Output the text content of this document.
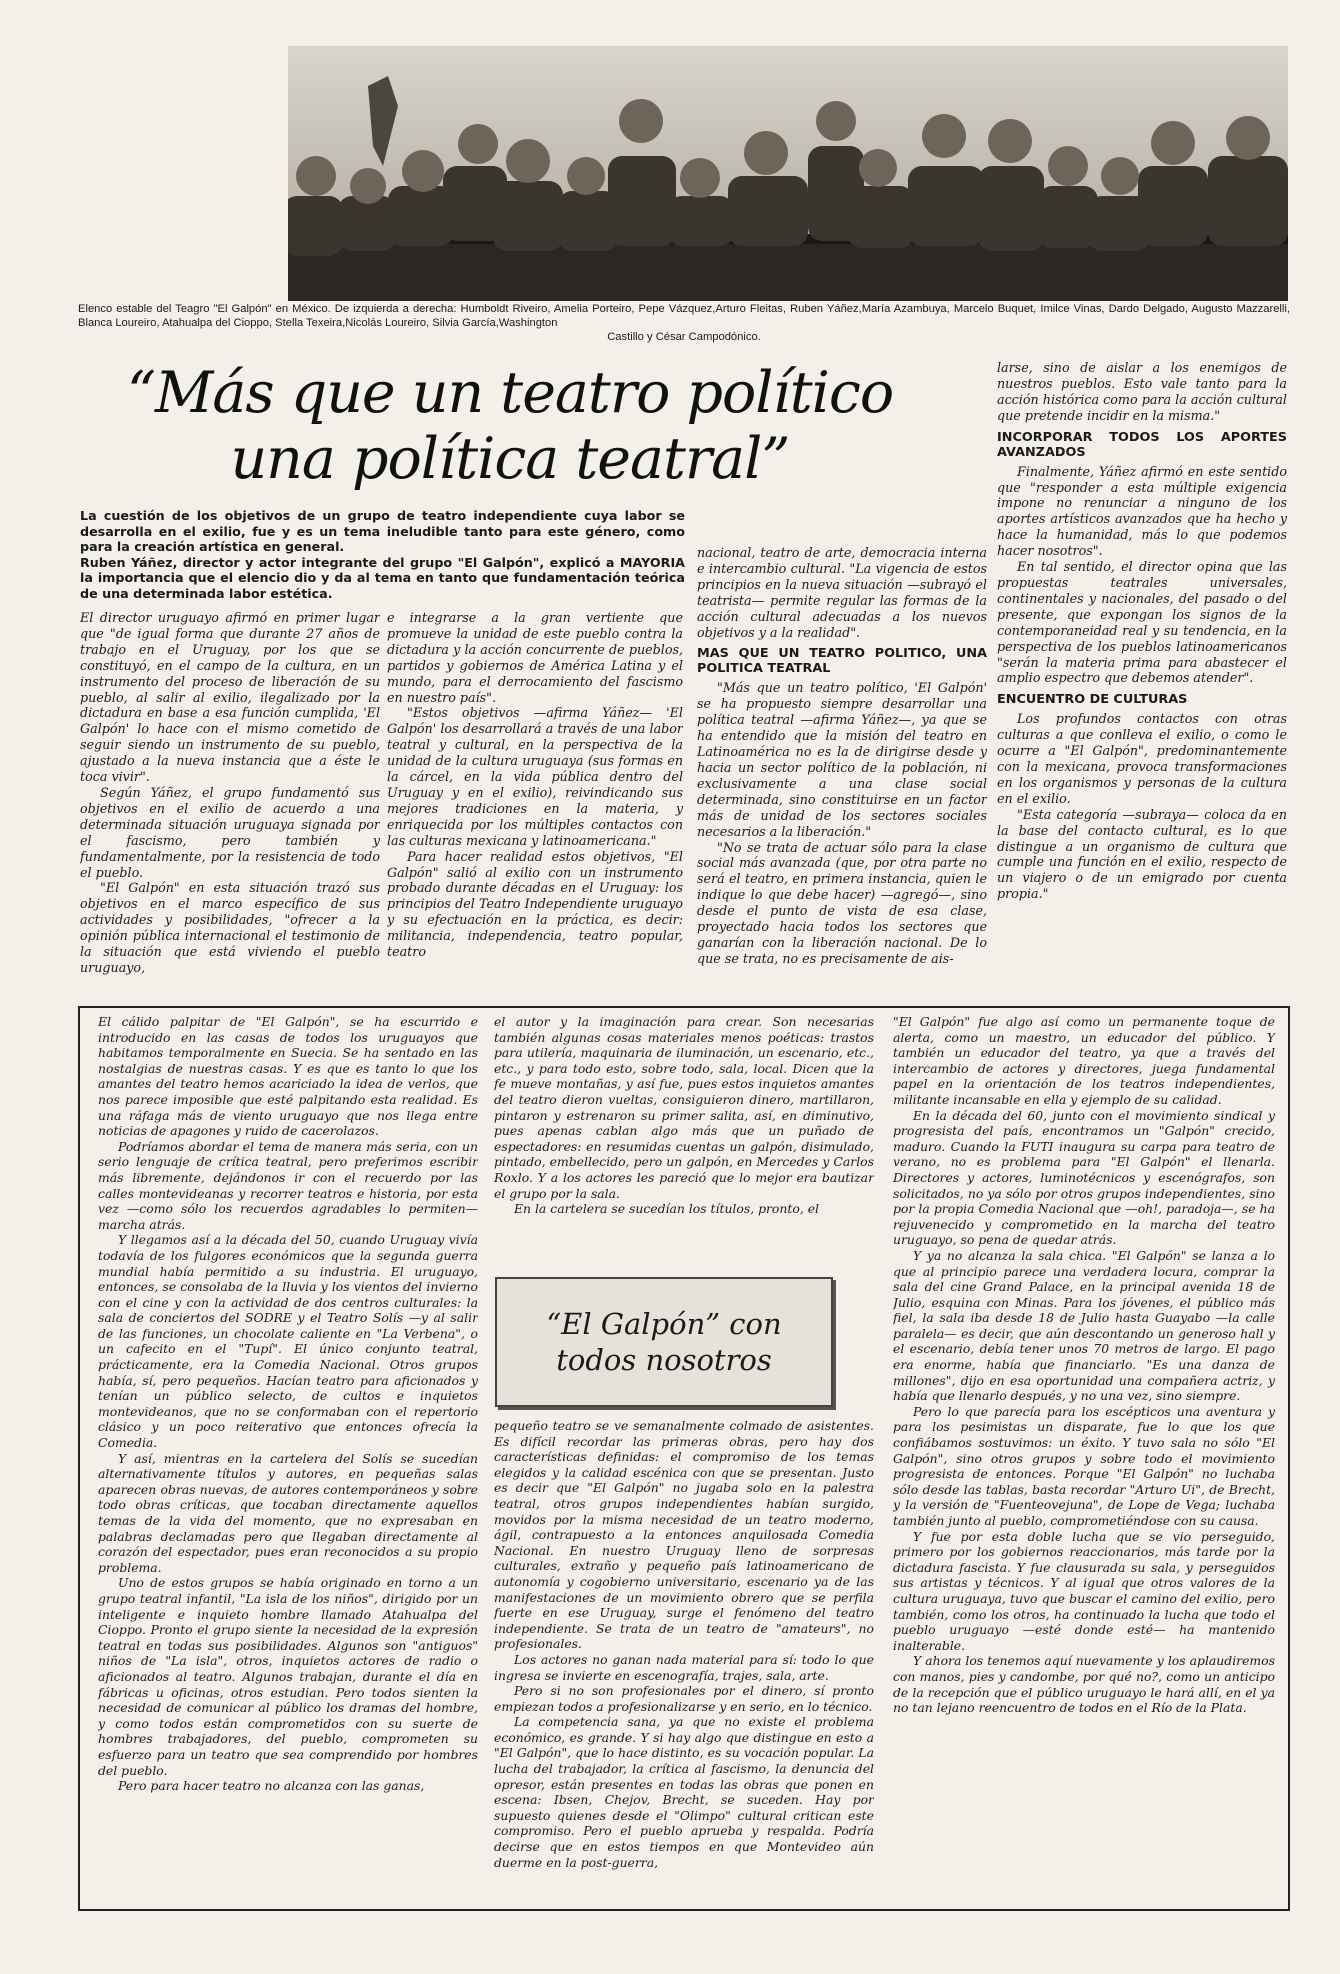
Elenco estable del Teagro "El Galpón" en México. De izquierda a derecha: Humboldt Riveiro, Amelia Porteiro, Pepe Vázquez,Arturo Fleitas, Ruben Yáñez,María Azambuya, Marcelo Buquet, Imilce Vinas, Dardo Delgado, Augusto Mazzarelli, Blanca Loureiro, Atahualpa del Cioppo, Stella Texeira,Nicolás Loureiro, Silvia García,Washington
Castillo y César Campodónico.
“Más que un teatro político
una política teatral”

La cuestión de los objetivos de un grupo de teatro independiente cuya labor se desarrolla en el exilio, fue y es un tema ineludible tanto para este género, como para la creación artística en general.

Ruben Yáñez, director y actor integrante del grupo "El Galpón", explicó a MAYORIA la importancia que el elencio dio y da al tema en tanto que fundamentación teórica de una determinada labor estética.

El director uruguayo afirmó en primer lugar que "de igual forma que durante 27 años de trabajo en el Uruguay, por los que se constituyó, en el campo de la cultura, en un instrumento del proceso de liberación de su pueblo, al salir al exilio, ilegalizado por la dictadura en base a esa función cumplida, 'El Galpón' lo hace con el mismo cometido de seguir siendo un instrumento de su pueblo, ajustado a la nueva instancia que a éste le toca vivir".

Según Yáñez, el grupo fundamentó sus objetivos en el exilio de acuerdo a una determinada situación uruguaya signada por el fascismo, pero también y fundamentalmente, por la resistencia de todo el pueblo.

"El Galpón" en esta situación trazó sus objetivos en el marco específico de sus actividades y posibilidades, "ofrecer a la opinión pública internacional el testimonio de la situación que está viviendo el pueblo uruguayo,

e integrarse a la gran vertiente que promueve la unidad de este pueblo contra la dictadura y la acción concurrente de pueblos, partidos y gobiernos de América Latina y el mundo, para el derrocamiento del fascismo en nuestro país".

"Estos objetivos —afirma Yáñez— 'El Galpón' los desarrollará a través de una labor teatral y cultural, en la perspectiva de la unidad de la cultura uruguaya (sus formas en la cárcel, en la vida pública dentro del Uruguay y en el exilio), reivindicando sus mejores tradiciones en la materia, y enriquecida por los múltiples contactos con las culturas mexicana y latinoamericana."

Para hacer realidad estos objetivos, "El Galpón" salió al exilio con un instrumento probado durante décadas en el Uruguay: los principios del Teatro Independiente uruguayo y su efectuación en la práctica, es decir: militancia, independencia, teatro popular, teatro

nacional, teatro de arte, democracia interna e intercambio cultural. "La vigencia de estos principios en la nueva situación —subrayó el teatrista— permite regular las formas de la acción cultural adecuadas a los nuevos objetivos y a la realidad".

MAS QUE UN TEATRO POLITICO, UNA POLITICA TEATRAL

"Más que un teatro político, 'El Galpón' se ha propuesto siempre desarrollar una política teatral —afirma Yáñez—, ya que se ha entendido que la misión del teatro en Latinoamérica no es la de dirigirse desde y hacia un sector político de la población, ni exclusivamente a una clase social determinada, sino constituirse en un factor más de unidad de los sectores sociales necesarios a la liberación."

"No se trata de actuar sólo para la clase social más avanzada (que, por otra parte no será el teatro, en primera instancia, quien le indique lo que debe hacer) —agregó—, sino desde el punto de vista de esa clase, proyectado hacia todos los sectores que ganarían con la liberación nacional. De lo que se trata, no es precisamente de ais-

larse, sino de aislar a los enemigos de nuestros pueblos. Esto vale tanto para la acción histórica como para la acción cultural que pretende incidir en la misma."

INCORPORAR TODOS LOS APORTES AVANZADOS

Finalmente, Yáñez afirmó en este sentido que "responder a esta múltiple exigencia impone no renunciar a ninguno de los aportes artísticos avanzados que ha hecho y hace la humanidad, más lo que podemos hacer nosotros".

En tal sentido, el director opina que las propuestas teatrales universales, continentales y nacionales, del pasado o del presente, que expongan los signos de la contemporaneidad real y su tendencia, en la perspectiva de los pueblos latinoamericanos "serán la materia prima para abastecer el amplio espectro que debemos atender".

ENCUENTRO DE CULTURAS

Los profundos contactos con otras culturas a que conlleva el exilio, o como le ocurre a "El Galpón", predominantemente con la mexicana, provoca transformaciones en los organismos y personas de la cultura en el exilio.

"Esta categoría —subraya— coloca da en la base del contacto cultural, es lo que distingue a un organismo de cultura que cumple una función en el exilio, respecto de un viajero o de un emigrado por cuenta propia."

El cálido palpitar de "El Galpón", se ha escurrido e introducido en las casas de todos los uruguayos que habitamos temporalmente en Suecia. Se ha sentado en las nostalgias de nuestras casas. Y es que es tanto lo que los amantes del teatro hemos acariciado la idea de verlos, que nos parece imposible que esté palpitando esta realidad. Es una ráfaga más de viento uruguayo que nos llega entre noticias de apagones y ruido de cacerolazos.

Podríamos abordar el tema de manera más seria, con un serio lenguaje de crítica teatral, pero preferimos escribir más libremente, dejándonos ir con el recuerdo por las calles montevideanas y recorrer teatros e historia, por esta vez —como sólo los recuerdos agradables lo permiten— marcha atrás.

Y llegamos así a la década del 50, cuando Uruguay vivía todavía de los fulgores económicos que la segunda guerra mundial había permitido a su industria. El uruguayo, entonces, se consolaba de la lluvia y los vientos del invierno con el cine y con la actividad de dos centros culturales: la sala de conciertos del SODRE y el Teatro Solís —y al salir de las funciones, un chocolate caliente en "La Verbena", o un cafecito en el "Tupí". El único conjunto teatral, prácticamente, era la Comedia Nacional. Otros grupos había, sí, pero pequeños. Hacían teatro para aficionados y tenían un público selecto, de cultos e inquietos montevideanos, que no se conformaban con el repertorio clásico y un poco reiterativo que entonces ofrecía la Comedia.

Y así, mientras en la cartelera del Solís se sucedían alternativamente títulos y autores, en pequeñas salas aparecen obras nuevas, de autores contemporáneos y sobre todo obras críticas, que tocaban directamente aquellos temas de la vida del momento, que no expresaban en palabras declamadas pero que llegaban directamente al corazón del espectador, pues eran reconocidos a su propio problema.

Uno de estos grupos se había originado en torno a un grupo teatral infantil, "La isla de los niños", dirigido por un inteligente e inquieto hombre llamado Atahualpa del Cioppo. Pronto el grupo siente la necesidad de la expresión teatral en todas sus posibilidades. Algunos son "antiguos" niños de "La isla", otros, inquietos actores de radio o aficionados al teatro. Algunos trabajan, durante el día en fábricas u oficinas, otros estudian. Pero todos sienten la necesidad de comunicar al público los dramas del hombre, y como todos están comprometidos con su suerte de hombres trabajadores, del pueblo, comprometen su esfuerzo para un teatro que sea comprendido por hombres del pueblo.

Pero para hacer teatro no alcanza con las ganas,

el autor y la imaginación para crear. Son necesarias también algunas cosas materiales menos poéticas: trastos para utilería, maquinaria de iluminación, un escenario, etc., etc., y para todo esto, sobre todo, sala, local. Dicen que la fe mueve montañas, y así fue, pues estos inquietos amantes del teatro dieron vueltas, consiguieron dinero, martillaron, pintaron y estrenaron su primer salita, así, en diminutivo, pues apenas cablan algo más que un puñado de espectadores: en resumidas cuentas un galpón, disimulado, pintado, embellecido, pero un galpón, en Mercedes y Carlos Roxlo. Y a los actores les pareció que lo mejor era bautizar el grupo por la sala.

En la cartelera se sucedían los títulos, pronto, el

“El Galpón” con
todos nosotros

pequeño teatro se ve semanalmente colmado de asistentes. Es difícil recordar las primeras obras, pero hay dos características definidas: el compromiso de los temas elegidos y la calidad escénica con que se presentan. Justo es decir que "El Galpón" no jugaba solo en la palestra teatral, otros grupos independientes habían surgido, movidos por la misma necesidad de un teatro moderno, ágil, contrapuesto a la entonces anquilosada Comedia Nacional. En nuestro Uruguay lleno de sorpresas culturales, extraño y pequeño país latinoamericano de autonomía y cogobierno universitario, escenario ya de las manifestaciones de un movimiento obrero que se perfila fuerte en ese Uruguay, surge el fenómeno del teatro independiente. Se trata de un teatro de "amateurs", no profesionales.

Los actores no ganan nada material para sí: todo lo que ingresa se invierte en escenografía, trajes, sala, arte.

Pero si no son profesionales por el dinero, sí pronto empiezan todos a profesionalizarse y en serio, en lo técnico.

La competencia sana, ya que no existe el problema económico, es grande. Y si hay algo que distingue en esto a "El Galpón", que lo hace distinto, es su vocación popular. La lucha del trabajador, la crítica al fascismo, la denuncia del opresor, están presentes en todas las obras que ponen en escena: Ibsen, Chejov, Brecht, se suceden. Hay por supuesto quienes desde el "Olimpo" cultural critican este compromiso. Pero el pueblo aprueba y respalda. Podría decirse que en estos tiempos en que Montevideo aún duerme en la post-guerra,

"El Galpón" fue algo así como un permanente toque de alerta, como un maestro, un educador del público. Y también un educador del teatro, ya que a través del intercambio de actores y directores, juega fundamental papel en la orientación de los teatros independientes, militante incansable en ella y ejemplo de su calidad.

En la década del 60, junto con el movimiento sindical y progresista del país, encontramos un "Galpón" crecido, maduro. Cuando la FUTI inaugura su carpa para teatro de verano, no es problema para "El Galpón" el llenarla. Directores y actores, luminotécnicos y escenógrafos, son solicitados, no ya sólo por otros grupos independientes, sino por la propia Comedia Nacional que —oh!, paradoja—, se ha rejuvenecido y comprometido en la marcha del teatro uruguayo, so pena de quedar atrás.

Y ya no alcanza la sala chica. "El Galpón" se lanza a lo que al principio parece una verdadera locura, comprar la sala del cine Grand Palace, en la principal avenida 18 de Julio, esquina con Minas. Para los jóvenes, el público más fiel, la sala iba desde 18 de Julio hasta Guayabo —la calle paralela— es decir, que aún descontando un generoso hall y el escenario, debía tener unos 70 metros de largo. El pago era enorme, había que financiarlo. "Es una danza de millones", dijo en esa oportunidad una compañera actriz, y había que llenarlo después, y no una vez, sino siempre.

Pero lo que parecía para los escépticos una aventura y para los pesimistas un disparate, fue lo que los que confiábamos sostuvimos: un éxito. Y tuvo sala no sólo "El Galpón", sino otros grupos y sobre todo el movimiento progresista de entonces. Porque "El Galpón" no luchaba sólo desde las tablas, basta recordar "Arturo Ui", de Brecht, y la versión de "Fuenteovejuna", de Lope de Vega; luchaba también junto al pueblo, comprometiéndose con su causa.

Y fue por esta doble lucha que se vio perseguido, primero por los gobiernos reaccionarios, más tarde por la dictadura fascista. Y fue clausurada su sala, y perseguidos sus artistas y técnicos. Y al igual que otros valores de la cultura uruguaya, tuvo que buscar el camino del exilio, pero también, como los otros, ha continuado la lucha que todo el pueblo uruguayo —esté donde esté— ha mantenido inalterable.

Y ahora los tenemos aquí nuevamente y los aplaudiremos con manos, pies y candombe, por qué no?, como un anticipo de la recepción que el público uruguayo le hará allí, en el ya no tan lejano reencuentro de todos en el Río de la Plata.
